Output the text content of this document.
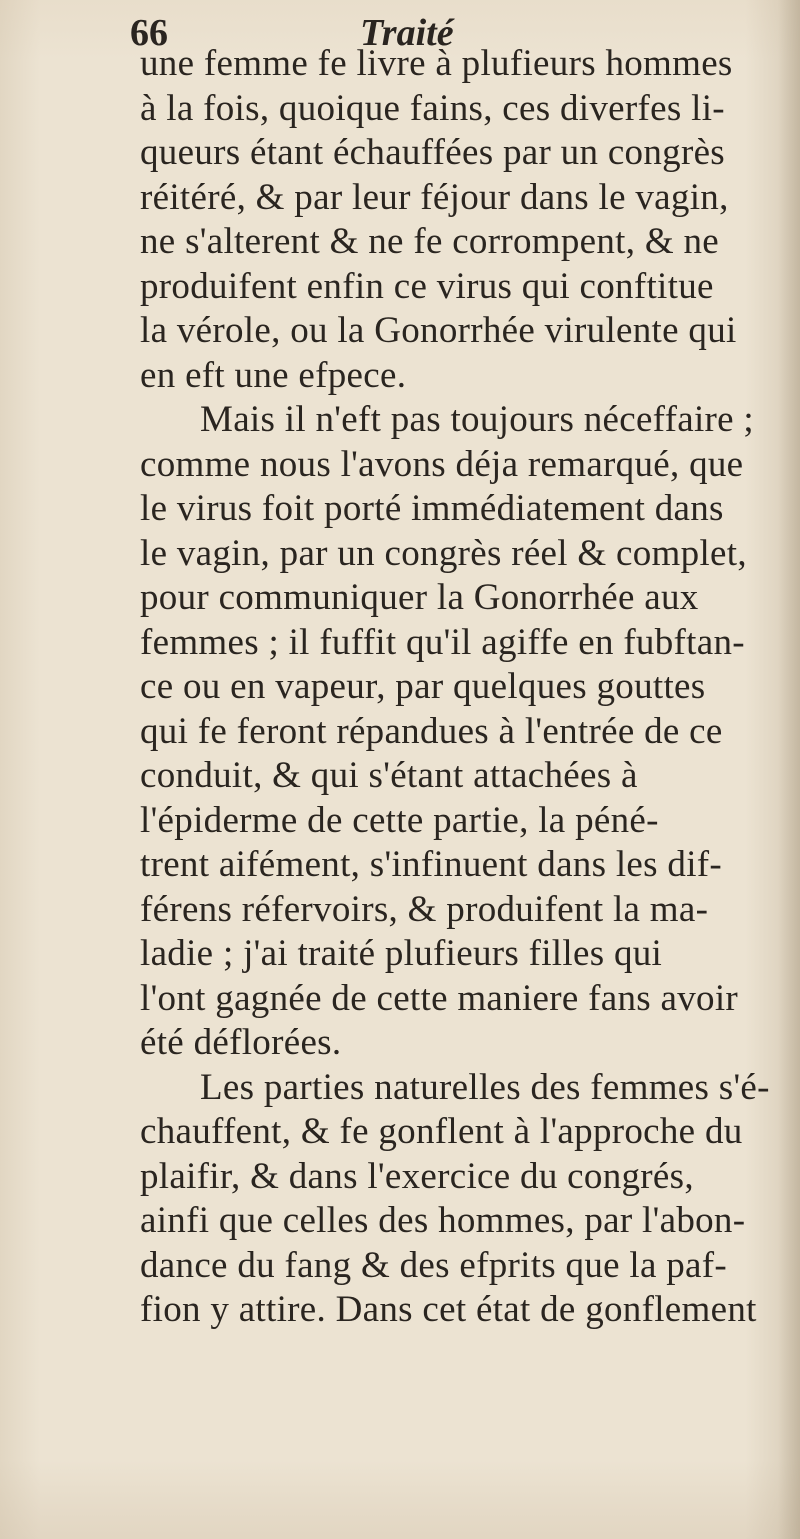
66	Traité
une femme fe livre à plufieurs hommes
à la fois, quoique fains, ces diverfes li-
queurs étant échauffées par un congrès
réitéré, & par leur féjour dans le vagin,
ne s'alterent & ne fe corrompent, & ne
produifent enfin ce virus qui conftitue
la vérole, ou la Gonorrhée virulente qui
en eft une efpece.
Mais il n'eft pas toujours néceffaire ;
comme nous l'avons déja remarqué, que
le virus foit porté immédiatement dans
le vagin, par un congrès réel & complet,
pour communiquer la Gonorrhée aux
femmes ; il fuffit qu'il agiffe en fubftan-
ce ou en vapeur, par quelques gouttes
qui fe feront répandues à l'entrée de ce
conduit, & qui s'étant attachées à
l'épiderme de cette partie, la péné-
trent aifément, s'infinuent dans les dif-
férens réfervoirs, & produifent la ma-
ladie ; j'ai traité plufieurs filles qui
l'ont gagnée de cette maniere fans avoir
été déflorées.
Les parties naturelles des femmes s'é-
chauffent, & fe gonflent à l'approche du
plaifir, & dans l'exercice du congrés,
ainfi que celles des hommes, par l'abon-
dance du fang & des efprits que la paf-
fion y attire. Dans cet état de gonflement
